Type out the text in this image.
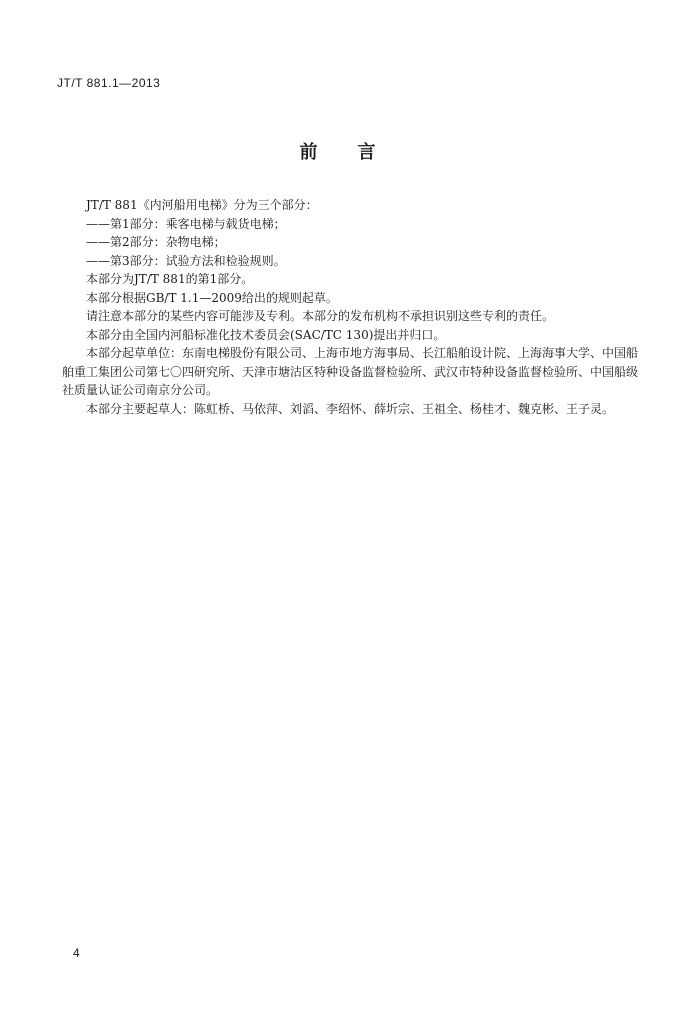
JT/T 881.1—2013
前言

JT/T 881《内河船用电梯》分为三个部分：

——第1部分：乘客电梯与载货电梯；

——第2部分：杂物电梯；

——第3部分：试验方法和检验规则。

本部分为JT/T 881的第1部分。

本部分根据GB/T 1.1—2009给出的规则起草。

请注意本部分的某些内容可能涉及专利。本部分的发布机构不承担识别这些专利的责任。

本部分由全国内河船标准化技术委员会(SAC/TC 130)提出并归口。

本部分起草单位：东南电梯股份有限公司、上海市地方海事局、长江船舶设计院、上海海事大学、中国船舶重工集团公司第七〇四研究所、天津市塘沽区特种设备监督检验所、武汉市特种设备监督检验所、中国船级社质量认证公司南京分公司。

本部分主要起草人：陈虹桥、马依萍、刘滔、李绍怀、薛圻宗、王祖全、杨桂才、魏克彬、王子灵。

4
